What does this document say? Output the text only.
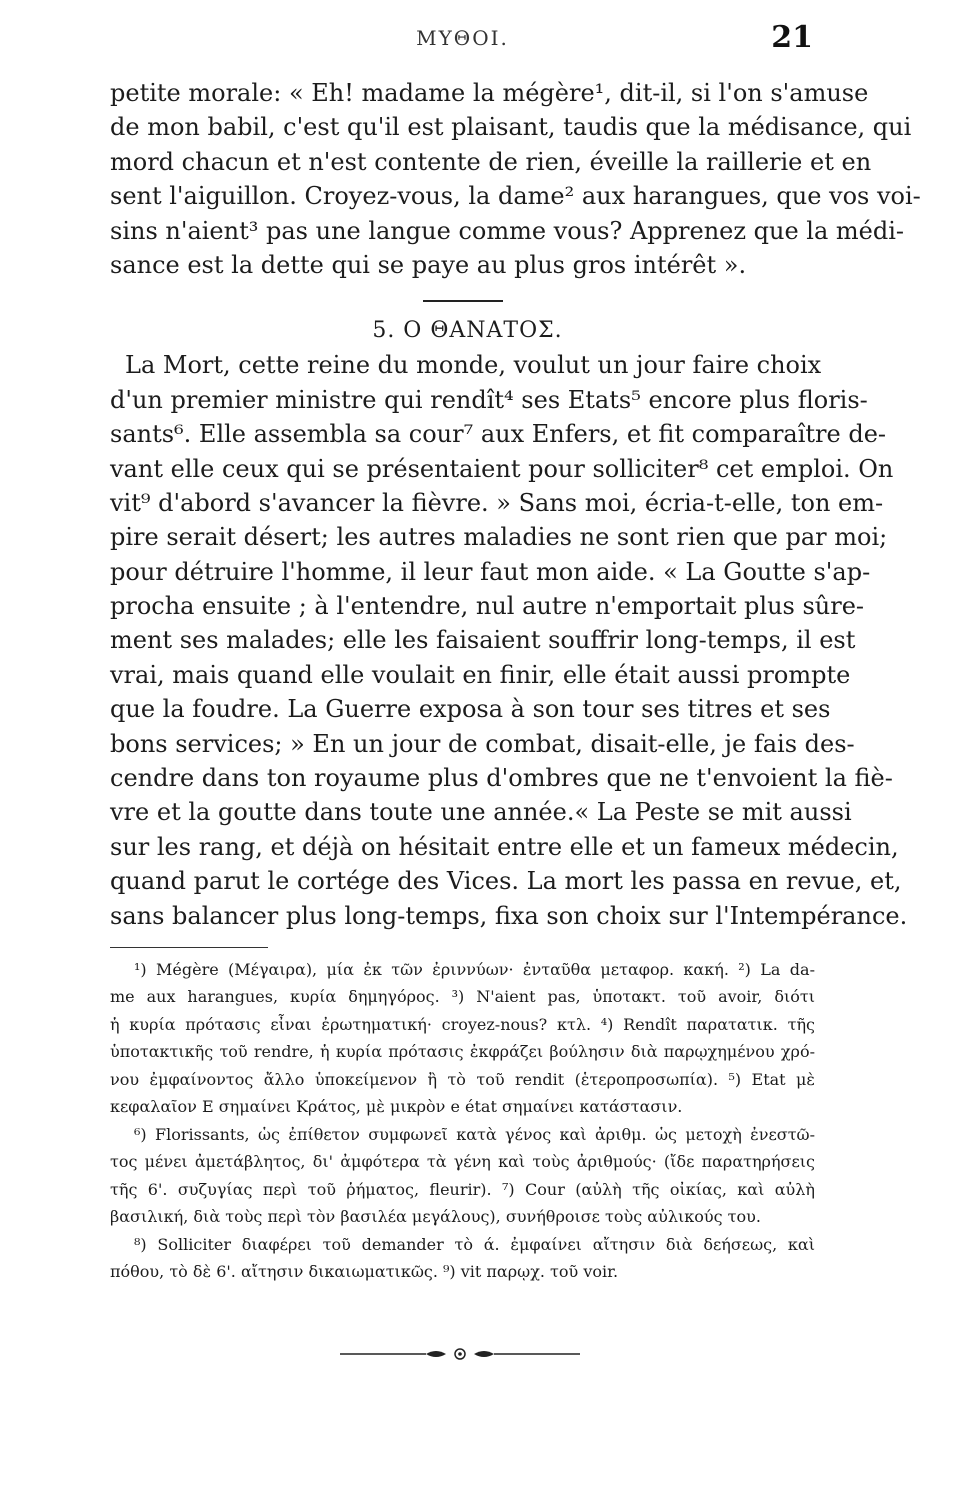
ΜΥΘΟΙ.	21
petite morale: « Eh! madame la mégère¹, dit-il, si l'on s'amuse
de mon babil, c'est qu'il est plaisant, taudis que la médisance, qui
mord chacun et n'est contente de rien, éveille la raillerie et en
sent l'aiguillon. Croyez-vous, la dame² aux harangues, que vos voi-
sins n'aient³ pas une langue comme vous? Apprenez que la médi-
sance est la dette qui se paye au plus gros intérêt ».
5. Ο ΘΑΝΑΤΟΣ.
La Mort, cette reine du monde, voulut un jour faire choix
d'un premier ministre qui rendît⁴ ses Etats⁵ encore plus floris-
sants⁶. Elle assembla sa cour⁷ aux Enfers, et fit comparaître de-
vant elle ceux qui se présentaient pour solliciter⁸ cet emploi. On
vit⁹ d'abord s'avancer la fièvre. » Sans moi, écria-t-elle, ton em-
pire serait désert; les autres maladies ne sont rien que par moi;
pour détruire l'homme, il leur faut mon aide. « La Goutte s'ap-
procha ensuite ; à l'entendre, nul autre n'emportait plus sûre-
ment ses malades; elle les faisaient souffrir long-temps, il est
vrai, mais quand elle voulait en finir, elle était aussi prompte
que la foudre. La Guerre exposa à son tour ses titres et ses
bons services; » En un jour de combat, disait-elle, je fais des-
cendre dans ton royaume plus d'ombres que ne t'envoient la fiè-
vre et la goutte dans toute une année.« La Peste se mit aussi
sur les rang, et déjà on hésitait entre elle et un fameux médecin,
quand parut le cortége des Vices. La mort les passa en revue, et,
sans balancer plus long-temps, fixa son choix sur l'Intempérance.
¹) Mégère (Μέγαιρα), μία ἐκ τῶν ἐριννύων· ἐνταῦθα μεταφορ. κακή. ²) La da-
me aux harangues, κυρία δημηγόρος. ³) N'aient pas, ὑποτακτ. τοῦ avoir, διότι
ἡ κυρία πρότασις εἶναι ἐρωτηματική· croyez-nous? κτλ. ⁴) Rendît παρατατικ. τῆς
ὑποτακτικῆς τοῦ rendre, ἡ κυρία πρότασις ἐκφράζει βούλησιν διὰ παρῳχημένου χρό-
νου ἐμφαίνοντος ἄλλο ὑποκείμενον ἢ τὸ τοῦ rendit (ἑτεροπροσωπία). ⁵) Etat μὲ
κεφαλαῖον E σημαίνει Κράτος, μὲ μικρὸν e état σημαίνει κατάστασιν.
⁶) Florissants, ὡς ἐπίθετον συμφωνεῖ κατὰ γένος καὶ ἀριθμ. ὡς μετοχὴ ἐνεστῶ-
τος μένει ἀμετάβλητος, δι' ἀμφότερα τὰ γένη καὶ τοὺς ἀριθμούς· (ἴδε παρατηρήσεις
τῆς 6'. συζυγίας περὶ τοῦ ῥήματος, fleurir). ⁷) Cour (αὐλὴ τῆς οἰκίας, καὶ αὐλὴ
βασιλική, διὰ τοὺς περὶ τὸν βασιλέα μεγάλους), συνήθροισε τοὺς αὐλικούς του.
⁸) Solliciter διαφέρει τοῦ demander τὸ ά. ἐμφαίνει αἴτησιν διὰ δεήσεως, καὶ
πόθου, τὸ δὲ 6'. αἴτησιν δικαιωματικῶς. ⁹) vit παρῳχ. τοῦ voir.
